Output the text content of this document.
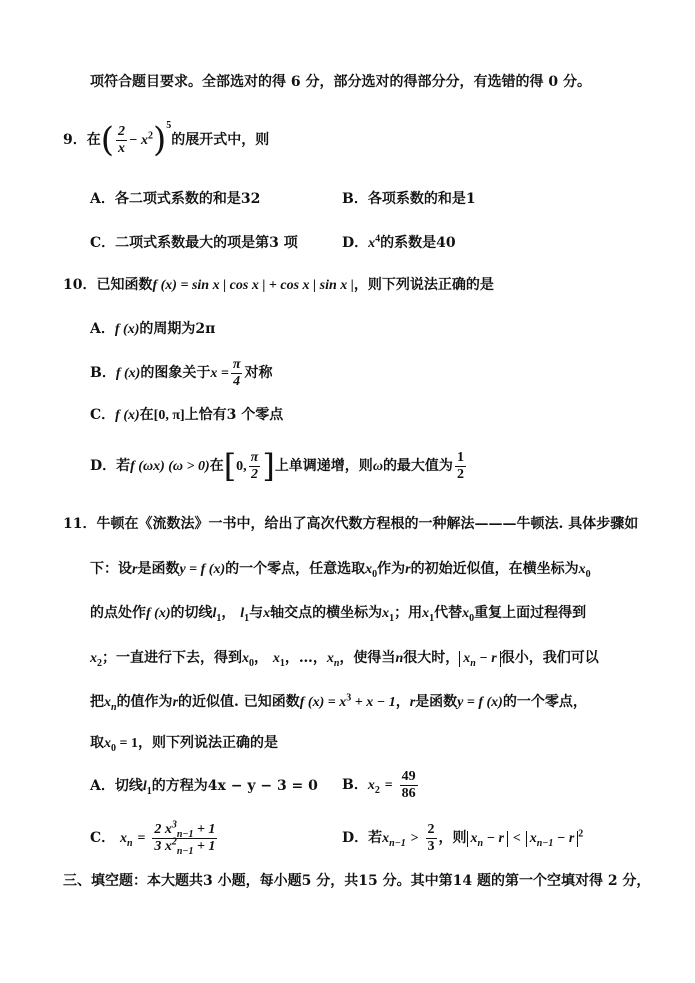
项符合题目要求。全部选对的得 6 分，部分选对的得部分分，有选错的得 0 分。
9．在( $\frac{2}{x} - x^2)^5$的展开式中，则
A．各二项式系数的和是32	B．各项系数的和是1
C．二项式系数最大的项是第3 项	D．$x^4$的系数是40
10．已知函数f (x) = sin x | cos x | + cos x | sin x |，则下列说法正确的是
A．f (x)的周期为2π
B．f (x)的图象关于$x = \frac{\pi}{4}$ 对称
C．f (x)在[0, π]上恰有3 个零点
D．若f (ωx) (ω > 0)在[0, $\frac{\pi}{2}$ ]上单调递增，则ω的最大值为 $\frac{1}{2}$
11．牛顿在《流数法》一书中，给出了高次代数方程根的一种解法———牛顿法. 具体步骤如
下：设r是函数y = f (x)的一个零点，任意选取$x_0$作为r的初始近似值，在横坐标为$x_0$
的点处作f (x)的切线$l_1$， $l_1$与x轴交点的横坐标为$x_1$；用$x_1$代替$x_0$重复上面过程得到
$x_2$；一直进行下去，得到$x_0$， $x_1$，…，$x_n$，使得当n很大时， $x_n - r$ 很小，我们可以
把$x_n$的值作为r的近似值. 已知函数f $(x) = x^3 + x - 1$，r是函数y = f (x)的一个零点，
取$x_0 = 1$，则下列说法正确的是
A．切线$l_1$的方程为4x − y − 3 = 0 B．$x_2 = \frac{49}{86}$
C． $x_n = \frac{2 x^3_{n-1} + 1}{3 x^2_{n-1} + 1}$	D．若$x_{n-1} > \frac{2}{3}$ ，则 $x_n - r < x_{n-1} - r$ $^2$
三、填空题：本大题共3 小题，每小题5 分，共15 分。其中第14 题的第一个空填对得 2 分，
